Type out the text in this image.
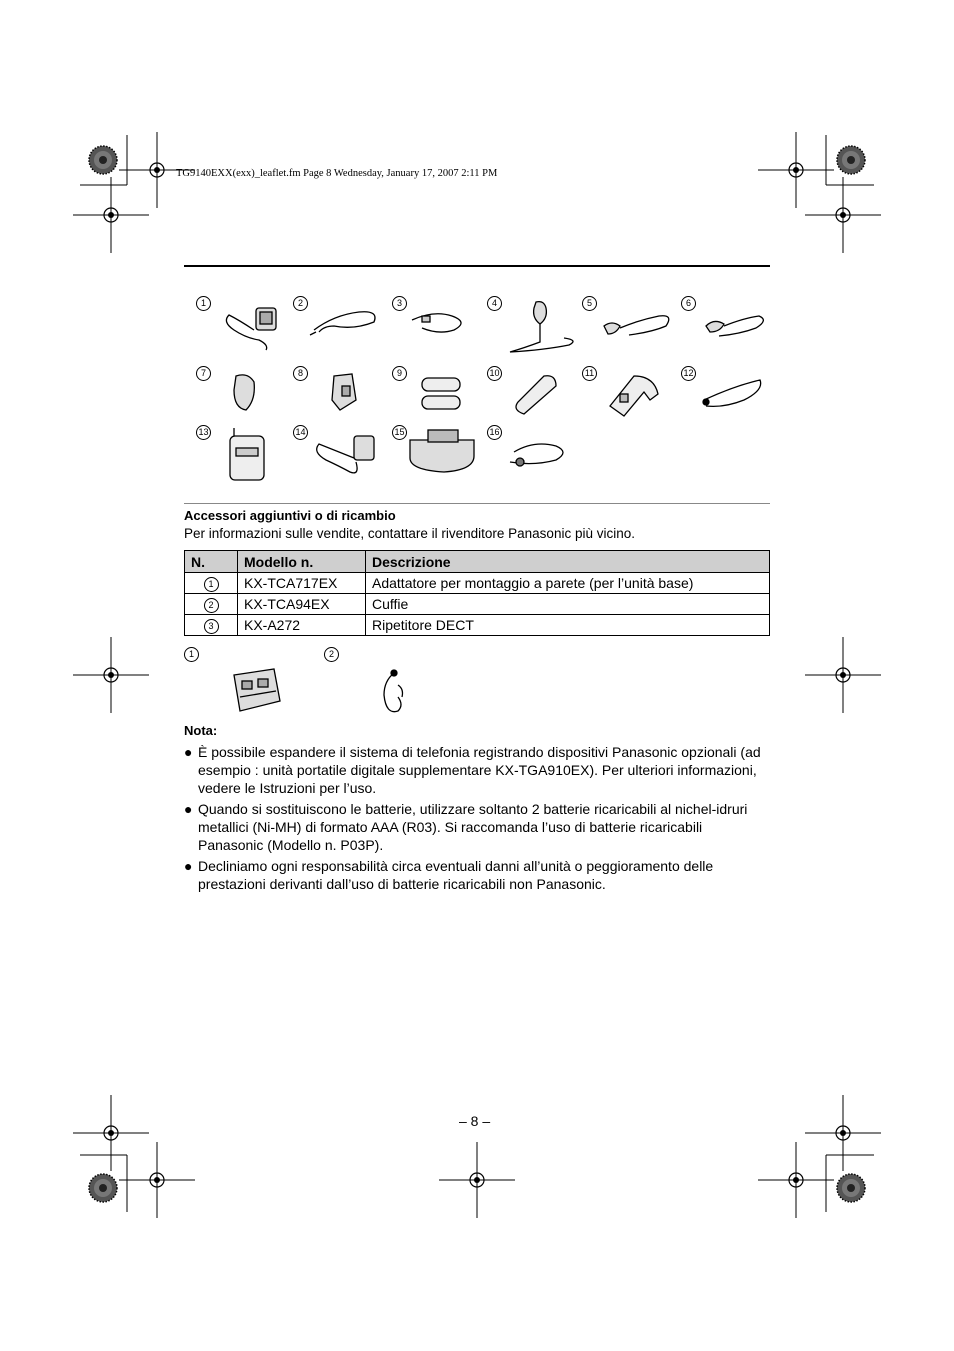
TG9140EXX(exx)_leaflet.fm Page 8 Wednesday, January 17, 2007 2:11 PM
1	2	3	4	5	6
7	8	9	10	11	12
13	14	15	16
Accessori aggiuntivi o di ricambio
Per informazioni sulle vendite, contattare il rivenditore Panasonic più vicino.
N.	Modello n.	Descrizione
1	KX-TCA717EX	Adattatore per montaggio a parete (per l’unità base)
2	KX-TCA94EX	Cuffie
3	KX-A272	Ripetitore DECT
1	2
Nota:
● È possibile espandere il sistema di telefonia registrando dispositivi Panasonic opzionali (ad esempio : unità portatile digitale supplementare KX-TGA910EX). Per ulteriori informazioni, vedere le Istruzioni per l’uso.
● Quando si sostituiscono le batterie, utilizzare soltanto 2 batterie ricaricabili al nichel-idruri metallici (Ni-MH) di formato AAA (R03). Si raccomanda l’uso di batterie ricaricabili Panasonic (Modello n. P03P).
● Decliniamo ogni responsabilità circa eventuali danni all’unità o peggioramento delle prestazioni derivanti dall’uso di batterie ricaricabili non Panasonic.
– 8 –
